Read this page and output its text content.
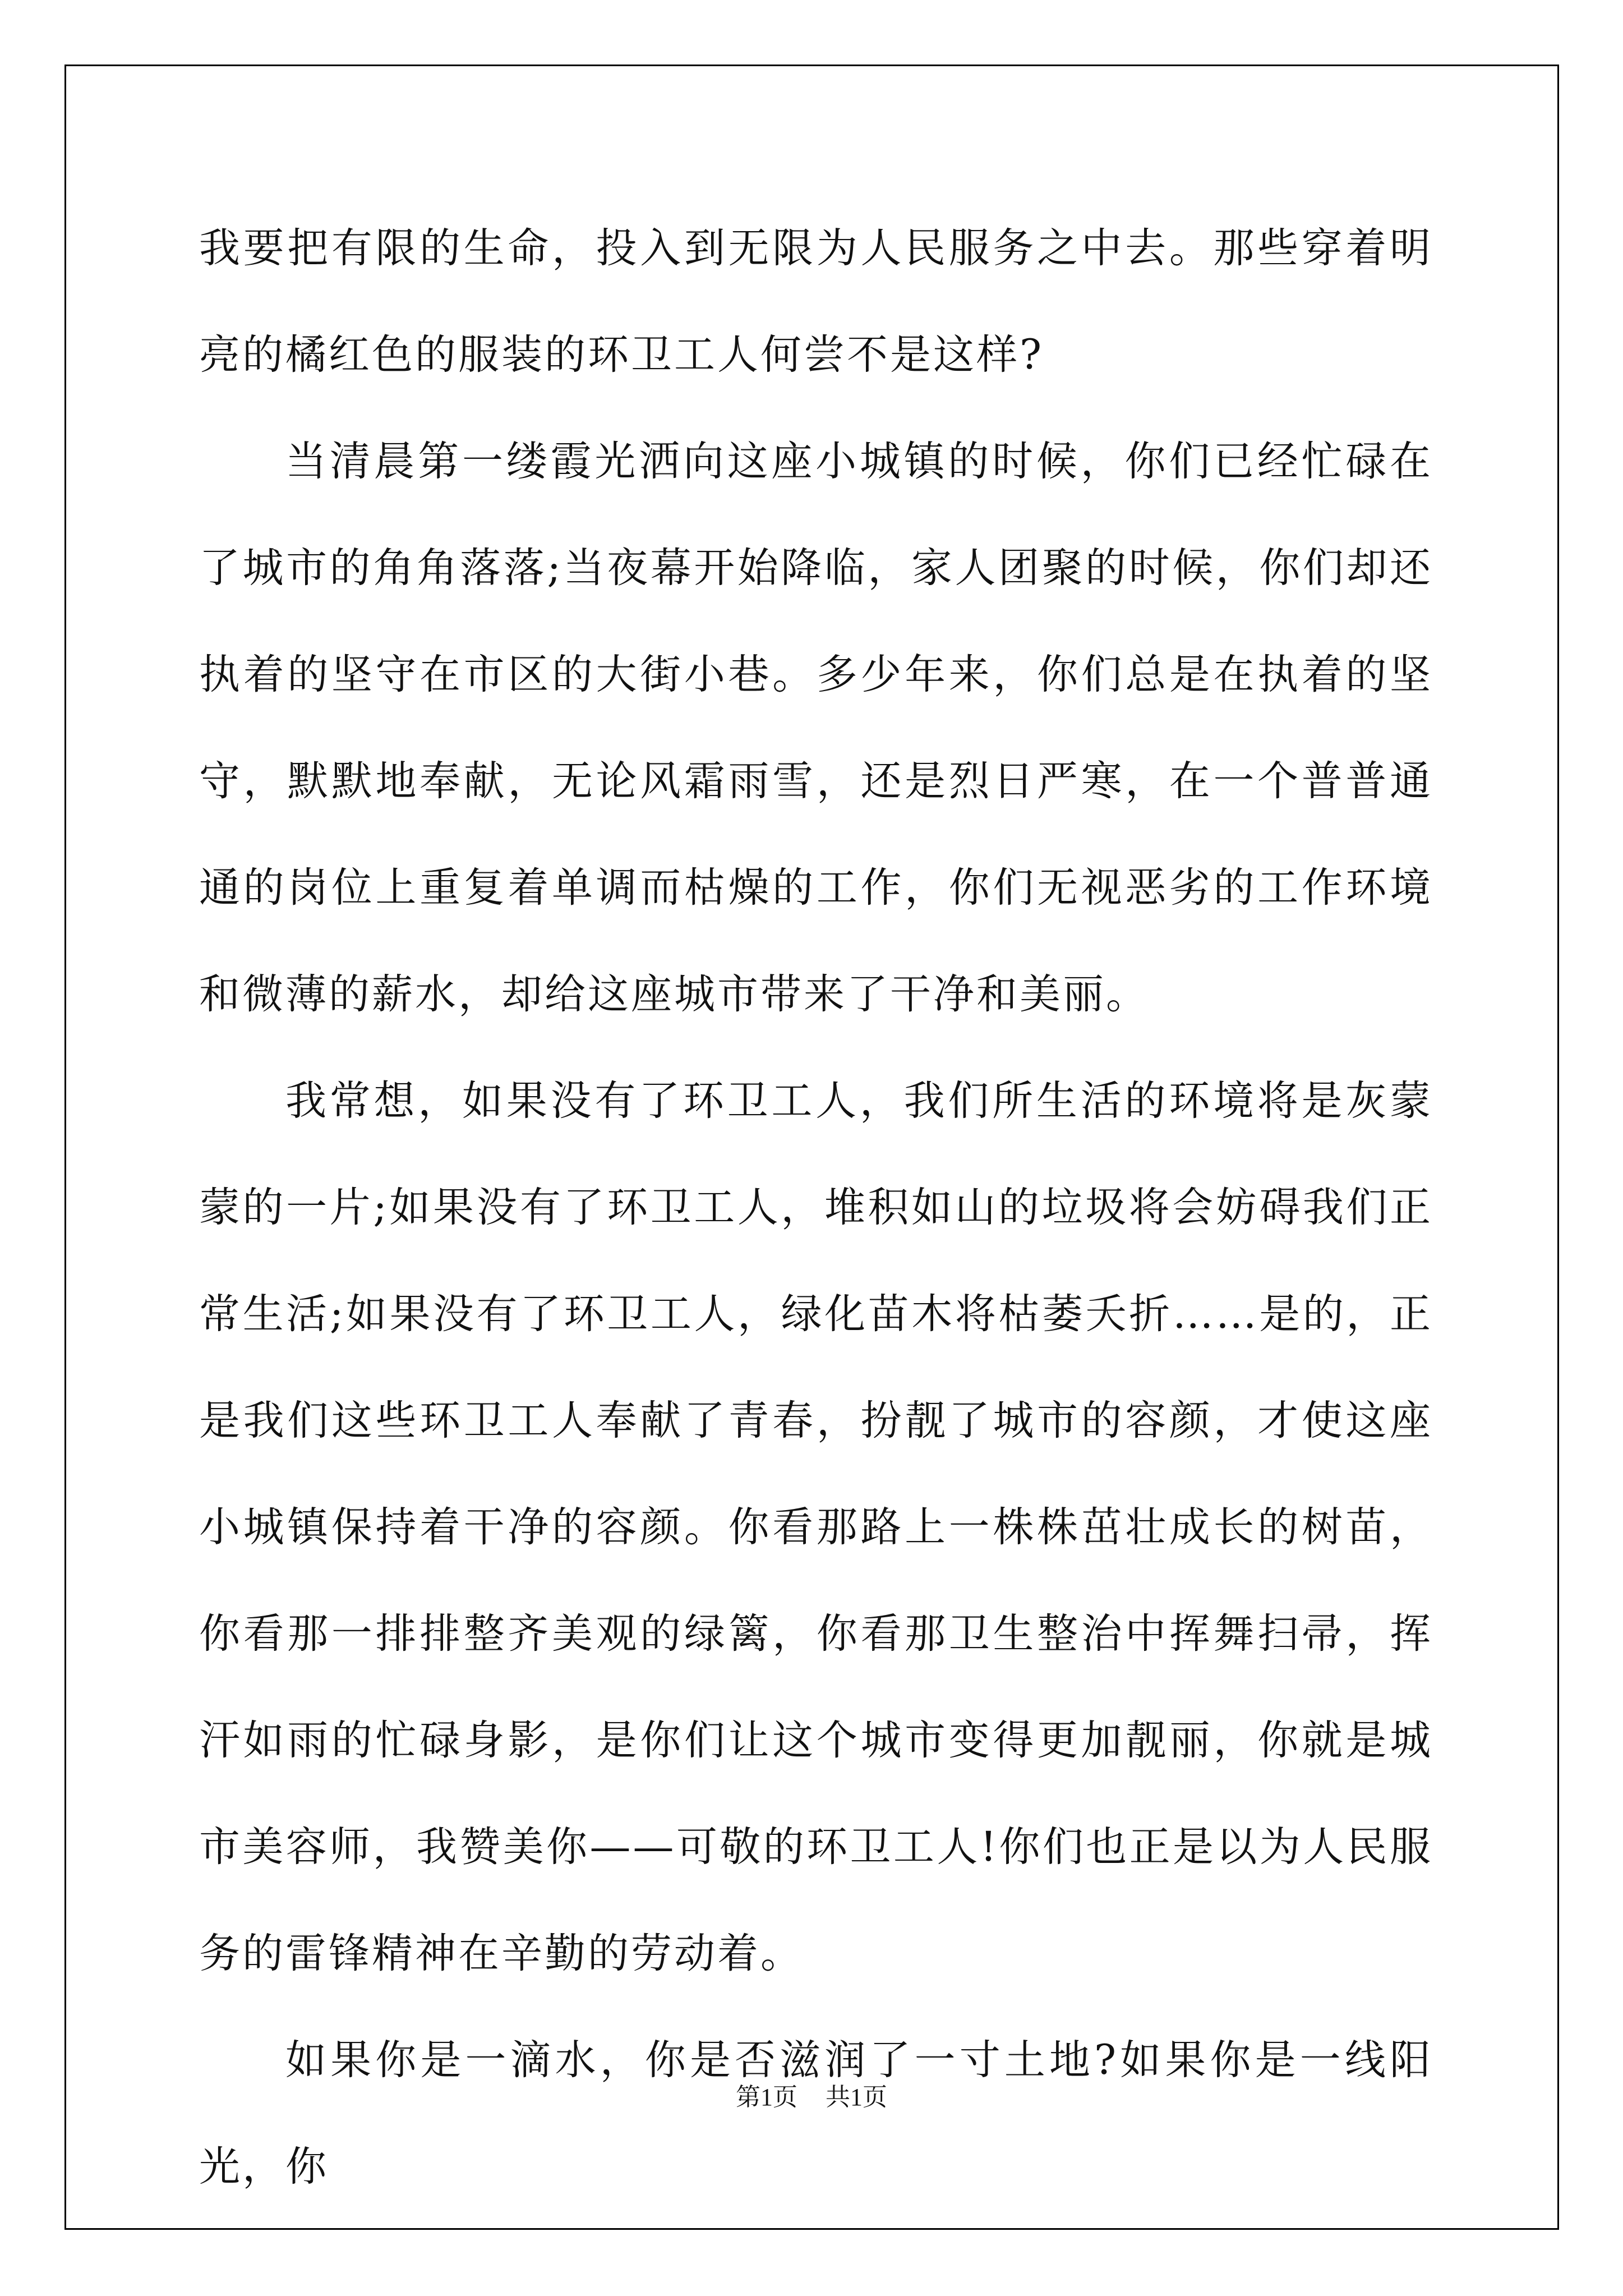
我要把有限的生命，投入到无限为人民服务之中去。那些穿着明亮的橘红色的服装的环卫工人何尝不是这样?

当清晨第一缕霞光洒向这座小城镇的时候，你们已经忙碌在了城市的角角落落;当夜幕开始降临，家人团聚的时候，你们却还执着的坚守在市区的大街小巷。多少年来，你们总是在执着的坚守，默默地奉献，无论风霜雨雪，还是烈日严寒，在一个普普通通的岗位上重复着单调而枯燥的工作，你们无视恶劣的工作环境和微薄的薪水，却给这座城市带来了干净和美丽。

我常想，如果没有了环卫工人，我们所生活的环境将是灰蒙蒙的一片;如果没有了环卫工人，堆积如山的垃圾将会妨碍我们正常生活;如果没有了环卫工人，绿化苗木将枯萎夭折……是的，正是我们这些环卫工人奉献了青春，扮靓了城市的容颜，才使这座小城镇保持着干净的容颜。你看那路上一株株茁壮成长的树苗，你看那一排排整齐美观的绿篱，你看那卫生整治中挥舞扫帚，挥汗如雨的忙碌身影，是你们让这个城市变得更加靓丽，你就是城市美容师，我赞美你——可敬的环卫工人!你们也正是以为人民服务的雷锋精神在辛勤的劳动着。

如果你是一滴水，你是否滋润了一寸土地?如果你是一线阳光，你

第1页 共1页
